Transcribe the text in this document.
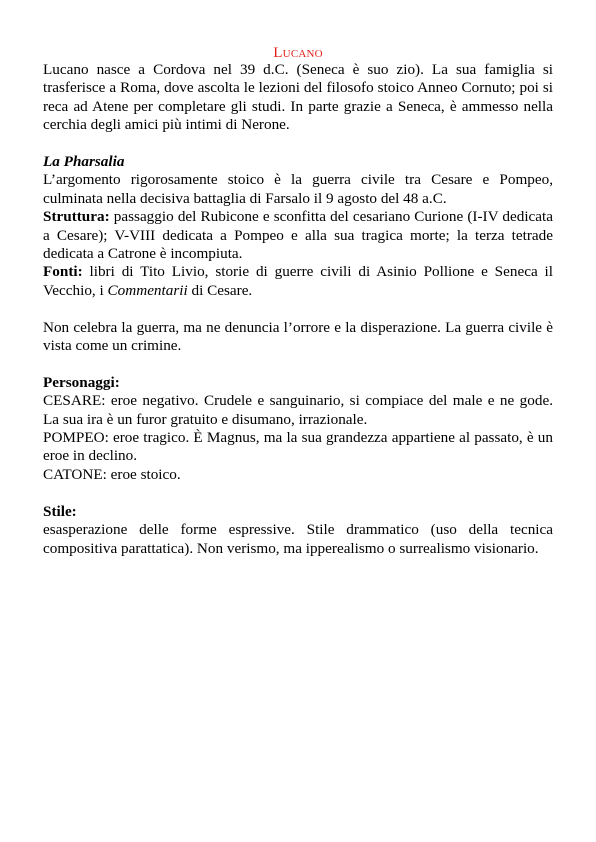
Lucano

Lucano nasce a Cordova nel 39 d.C. (Seneca è suo zio). La sua famiglia si trasferisce a Roma, dove ascolta le lezioni del filosofo stoico Anneo Cornuto; poi si reca ad Atene per completare gli studi. In parte grazie a Seneca, è ammesso nella cerchia degli amici più intimi di Nerone.

La Pharsalia

L’argomento rigorosamente stoico è la guerra civile tra Cesare e Pompeo, culminata nella decisiva battaglia di Farsalo il 9 agosto del 48 a.C.

Struttura: passaggio del Rubicone e sconfitta del cesariano Curione (I-IV dedicata a Cesare); V-VIII dedicata a Pompeo e alla sua tragica morte; la terza tetrade dedicata a Catrone è incompiuta.

Fonti: libri di Tito Livio, storie di guerre civili di Asinio Pollione e Seneca il Vecchio, i Commentarii di Cesare.

Non celebra la guerra, ma ne denuncia l’orrore e la disperazione. La guerra civile è vista come un crimine.

Personaggi:

CESARE: eroe negativo. Crudele e sanguinario, si compiace del male e ne gode. La sua ira è un furor gratuito e disumano, irrazionale.

POMPEO: eroe tragico. È Magnus, ma la sua grandezza appartiene al passato, è un eroe in declino.

CATONE: eroe stoico.

Stile:

esasperazione delle forme espressive. Stile drammatico (uso della tecnica compositiva parattatica). Non verismo, ma ipperealismo o surrealismo visionario.
